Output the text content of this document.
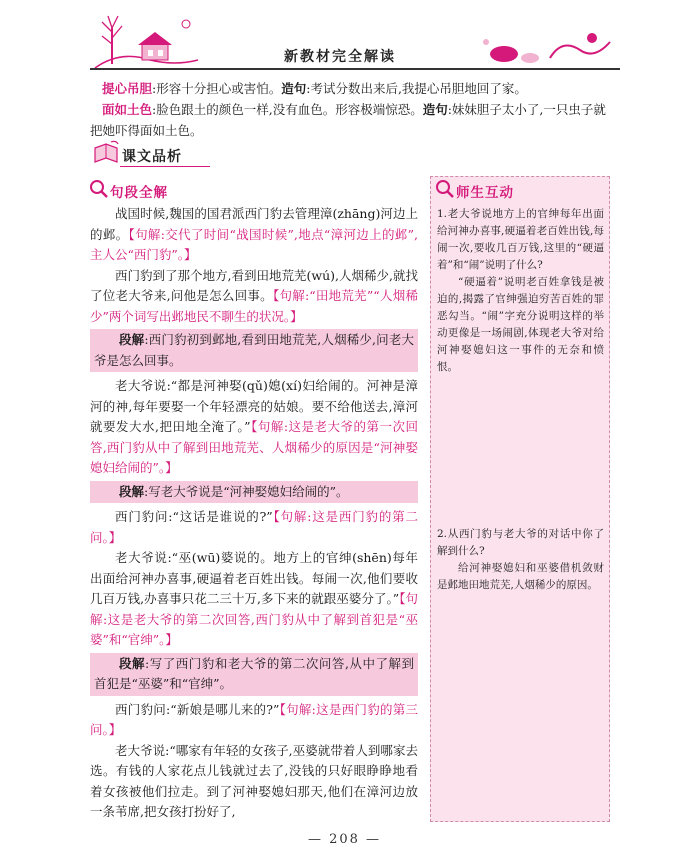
新教材完全解读

提心吊胆:形容十分担心或害怕。造句:考试分数出来后,我提心吊胆地回了家。

面如土色:脸色跟土的颜色一样,没有血色。形容极端惊恐。造句:妹妹胆子太小了,一只虫子就把她吓得面如土色。

课文品析
句段全解

战国时候,魏国的国君派西门豹去管理漳(zhāng)河边上的邺。【句解:交代了时间“战国时候”,地点“漳河边上的邺”,主人公“西门豹”。】

西门豹到了那个地方,看到田地荒芜(wú),人烟稀少,就找了位老大爷来,问他是怎么回事。【句解:“田地荒芜”“人烟稀少”两个词写出邺地民不聊生的状况。】

段解:西门豹初到邺地,看到田地荒芜,人烟稀少,问老大爷是怎么回事。

老大爷说:“都是河神娶(qǔ)媳(xí)妇给闹的。河神是漳河的神,每年要娶一个年轻漂亮的姑娘。要不给他送去,漳河就要发大水,把田地全淹了。”【句解:这是老大爷的第一次回答,西门豹从中了解到田地荒芜、人烟稀少的原因是“河神娶媳妇给闹的”。】

段解:写老大爷说是“河神娶媳妇给闹的”。

西门豹问:“这话是谁说的?”【句解:这是西门豹的第二问。】

老大爷说:“巫(wū)婆说的。地方上的官绅(shēn)每年出面给河神办喜事,硬逼着老百姓出钱。每闹一次,他们要收几百万钱,办喜事只花二三十万,多下来的就跟巫婆分了。”【句解:这是老大爷的第二次回答,西门豹从中了解到首犯是“巫婆”和“官绅”。】

段解:写了西门豹和老大爷的第二次问答,从中了解到首犯是“巫婆”和“官绅”。

西门豹问:“新娘是哪儿来的?”【句解:这是西门豹的第三问。】

老大爷说:“哪家有年轻的女孩子,巫婆就带着人到哪家去选。有钱的人家花点儿钱就过去了,没钱的只好眼睁睁地看着女孩被他们拉走。到了河神娶媳妇那天,他们在漳河边放一条苇席,把女孩打扮好了,

师生互动

1.老大爷说地方上的官绅每年出面给河神办喜事,硬逼着老百姓出钱,每闹一次,要收几百万钱,这里的“硬逼着”和“闹”说明了什么?

“硬逼着”说明老百姓拿钱是被迫的,揭露了官绅强迫穷苦百姓的罪恶勾当。“闹”字充分说明这样的举动更像是一场闹剧,体现老大爷对给河神娶媳妇这一事件的无奈和愤恨。

2.从西门豹与老大爷的对话中你了解到什么?

给河神娶媳妇和巫婆借机敛财是邺地田地荒芜,人烟稀少的原因。

— 208 —
